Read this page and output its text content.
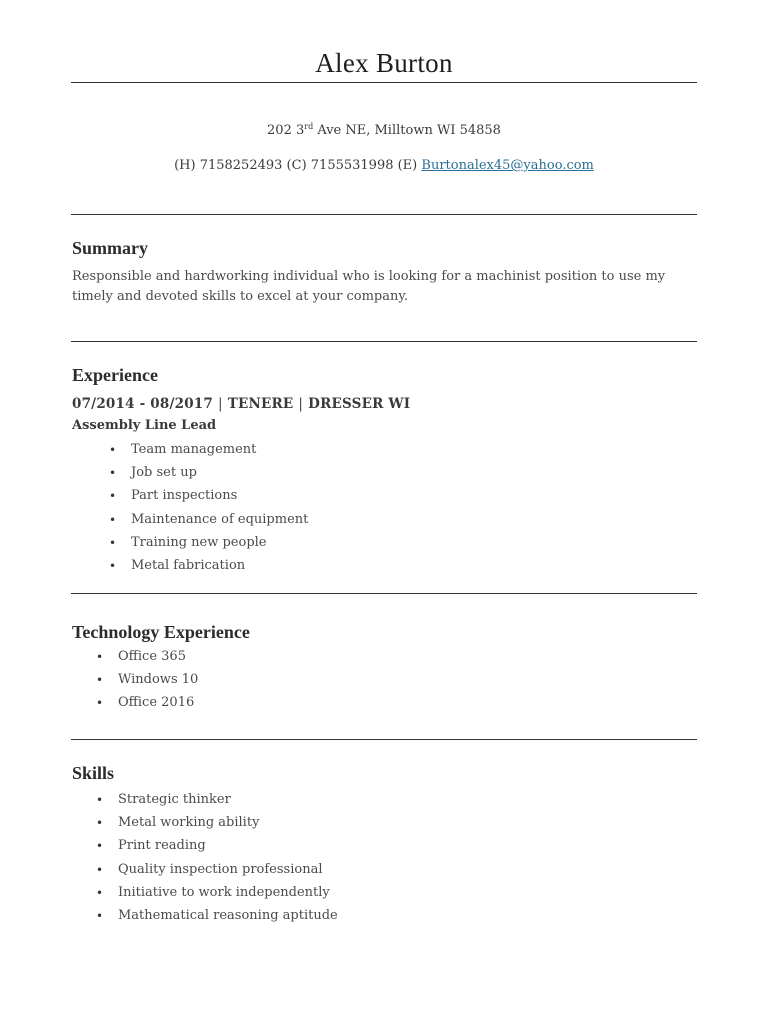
Alex Burton
202 3rd Ave NE, Milltown WI 54858
(H) 7158252493 (C) 7155531998 (E) Burtonalex45@yahoo.com
Summary
Responsible and hardworking individual who is looking for a machinist position to use my timely and devoted skills to excel at your company.
Experience
07/2014 - 08/2017 | TENERE | DRESSER WI
Assembly Line Lead
• Team management
• Job set up
• Part inspections
• Maintenance of equipment
• Training new people
• Metal fabrication
Technology Experience
• Office 365
• Windows 10
• Office 2016
Skills
• Strategic thinker
• Metal working ability
• Print reading
• Quality inspection professional
• Initiative to work independently
• Mathematical reasoning aptitude
